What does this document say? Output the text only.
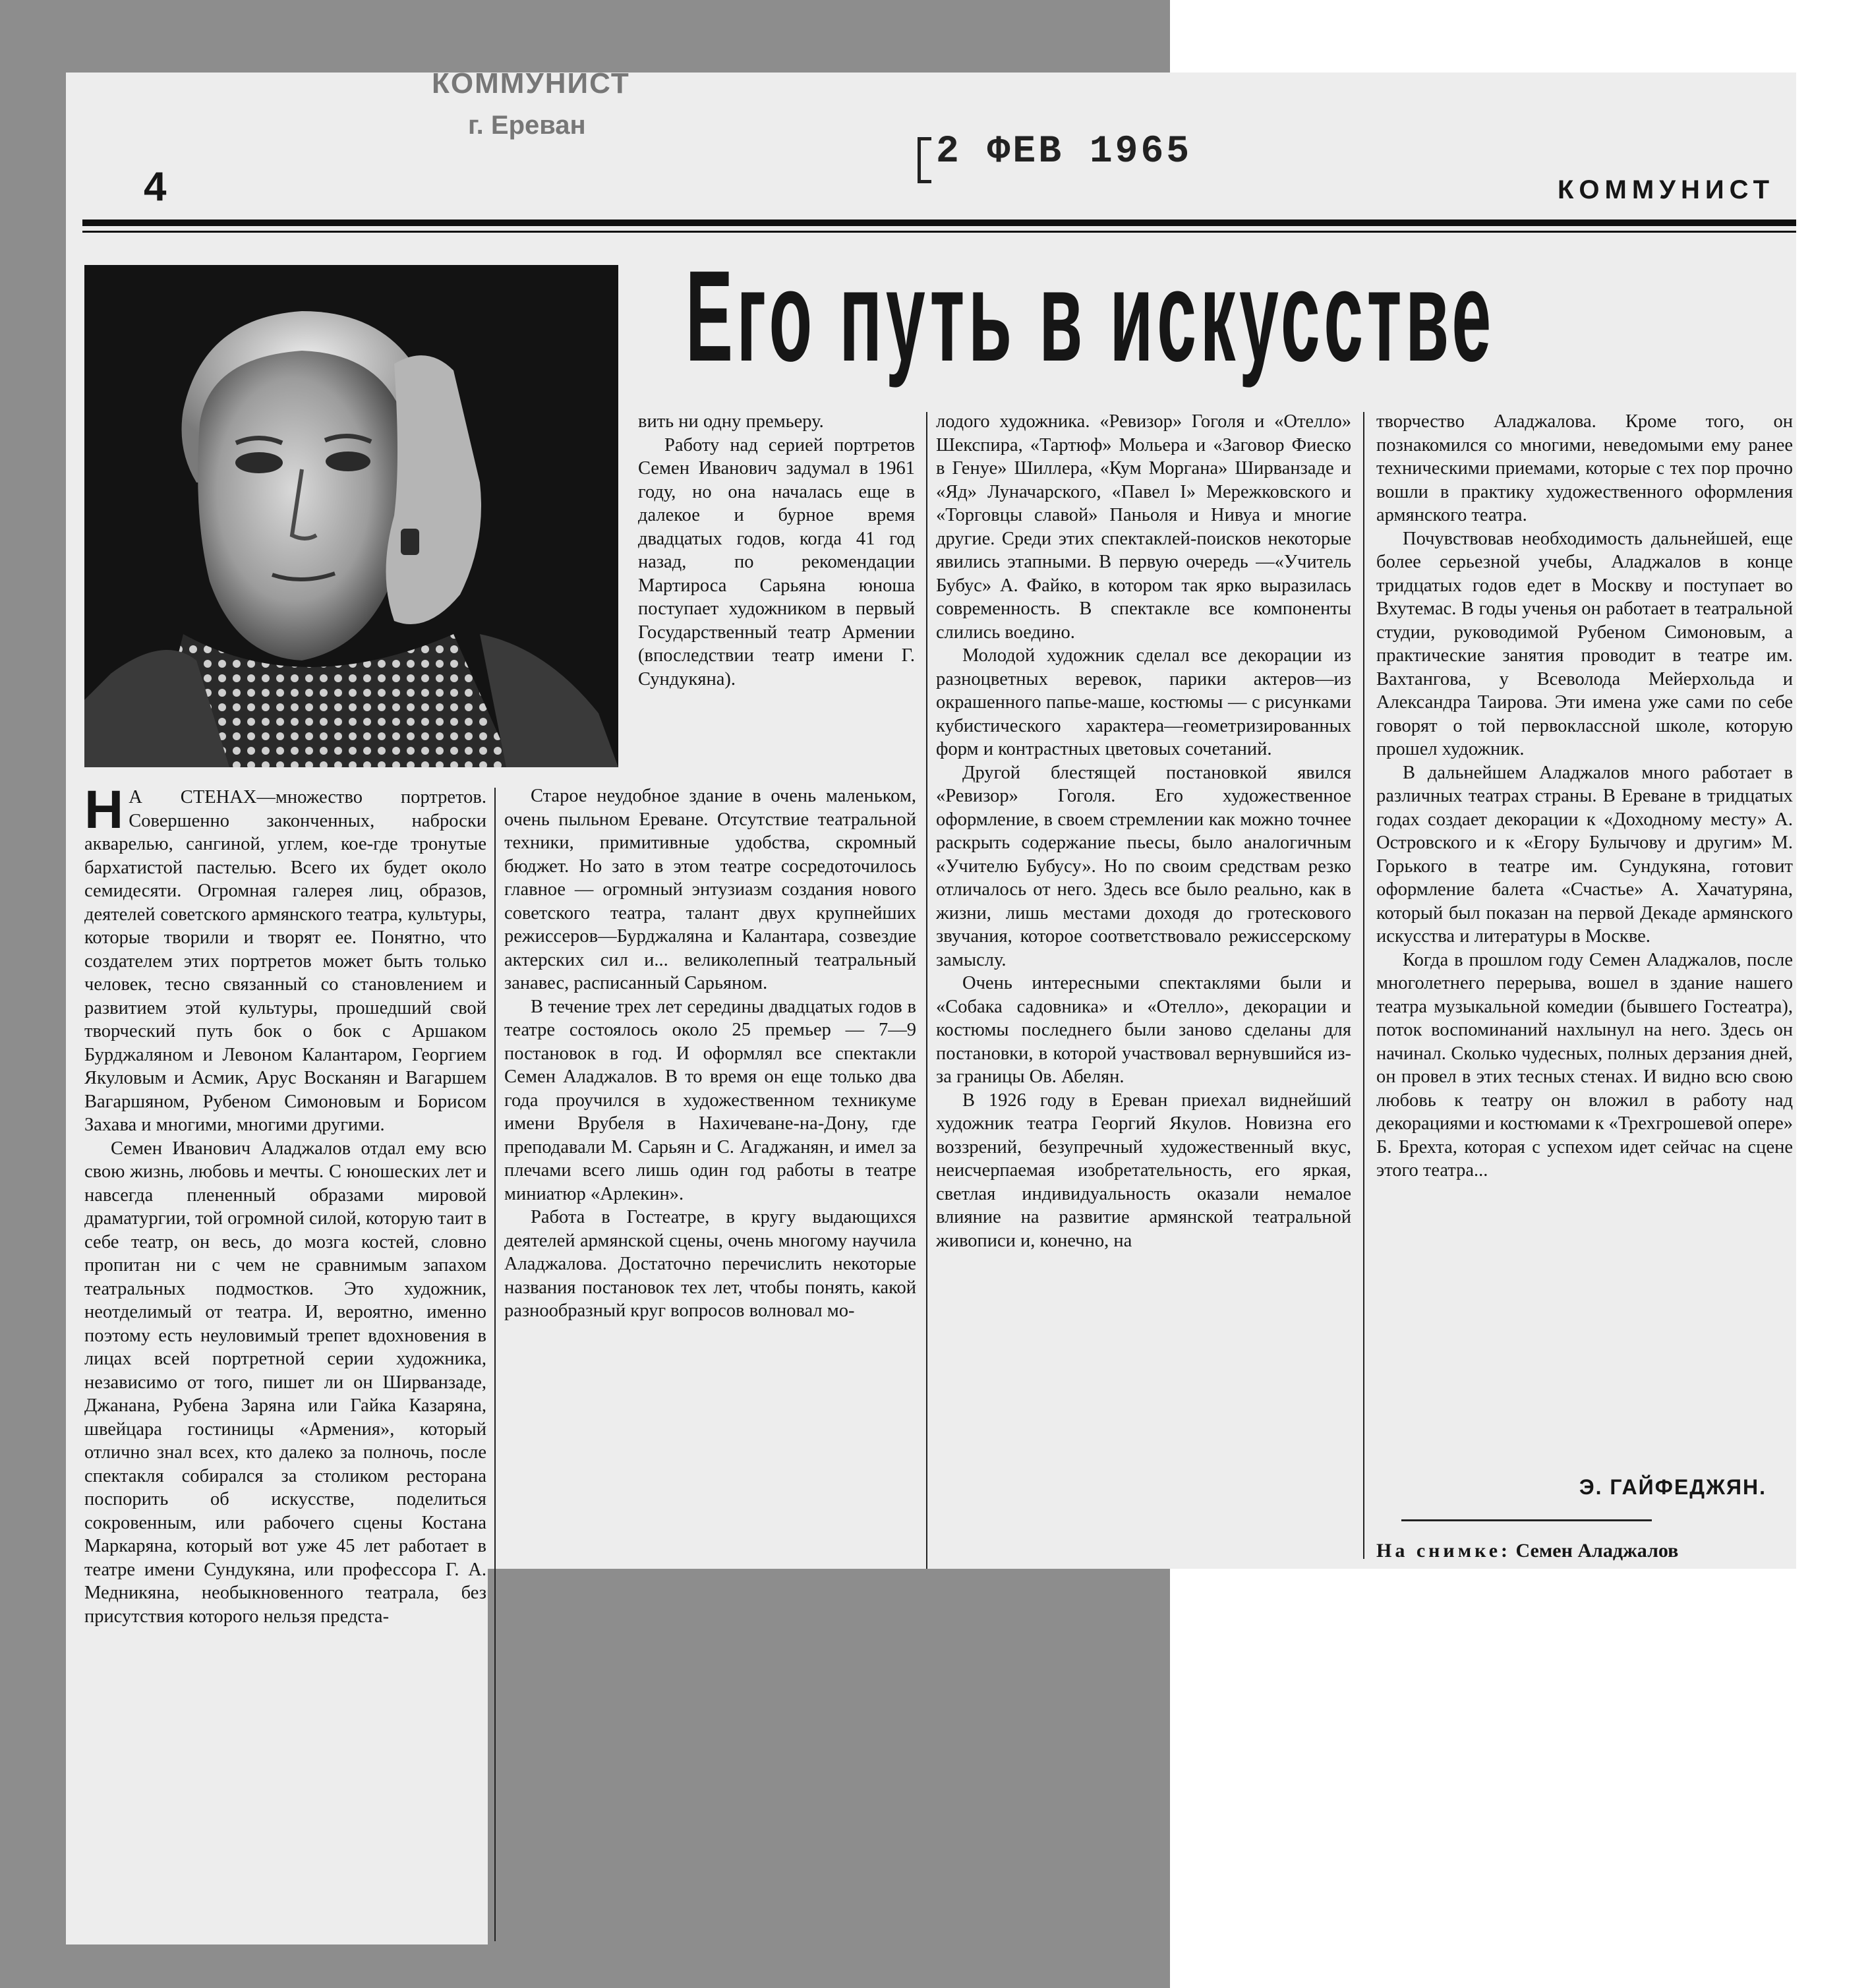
КОММУНИСТ
г. Ереван
2 ФЕВ 1965
4	КОММУНИСТ
Его путь в искусстве
Н А СТЕНАХ—множество портретов. Совершенно законченных, наброски акварелью, сангиной, углем, кое-где тронутые бархатистой пастелью. Всего их будет около семидесяти. Огромная галерея лиц, образов, деятелей советского армянского театра, культуры, которые творили и творят ее. Понятно, что создателем этих портретов может быть только человек, тесно связанный со становлением и развитием этой культуры, прошедший свой творческий путь бок о бок с Аршаком Бурджаляном и Левоном Калантаром, Георгием Якуловым и Асмик, Арус Восканян и Вагаршем Вагаршяном, Рубеном Симоновым и Борисом Захава и многими, многими другими.

Семен Иванович Аладжалов отдал ему всю свою жизнь, любовь и мечты. С юношеских лет и навсегда плененный образами мировой драматургии, той огромной силой, которую таит в себе театр, он весь, до мозга костей, словно пропитан ни с чем не сравнимым запахом театральных подмостков. Это художник, неотделимый от театра. И, вероятно, именно поэтому есть неуловимый трепет вдохновения в лицах всей портретной серии художника, независимо от того, пишет ли он Ширванзаде, Джанана, Рубена Заряна или Гайка Казаряна, швейцара гостиницы «Армения», который отлично знал всех, кто далеко за полночь, после спектакля собирался за столиком ресторана поспорить об искусстве, поделиться сокровенным, или рабочего сцены Костана Маркаряна, который вот уже 45 лет работает в театре имени Сундукяна, или профессора Г. А. Медникяна, необыкновенного театрала, без присутствия которого нельзя предста-

вить ни одну премьеру.

Работу над серией портретов Семен Иванович задумал в 1961 году, но она началась еще в далекое и бурное время двадцатых годов, когда 41 год назад, по рекомендации Мартироса Сарьяна юноша поступает художником в первый Государственный театр Армении (впоследствии театр имени Г. Сундукяна).

Старое неудобное здание в очень маленьком, очень пыльном Ереване. Отсутствие театральной техники, примитивные удобства, скромный бюджет. Но зато в этом театре сосредоточилось главное — огромный энтузиазм создания нового советского театра, талант двух крупнейших режиссеров—Бурджаляна и Калантара, созвездие актерских сил и... великолепный театральный занавес, расписанный Сарьяном.

В течение трех лет середины двадцатых годов в театре состоялось около 25 премьер — 7—9 постановок в год. И оформлял все спектакли Семен Аладжалов. В то время он еще только два года проучился в художественном техникуме имени Врубеля в Нахичеване-на-Дону, где преподавали М. Сарьян и С. Агаджанян, и имел за плечами всего лишь один год работы в театре миниатюр «Арлекин».

Работа в Гостеатре, в кругу выдающихся деятелей армянской сцены, очень многому научила Аладжалова. Достаточно перечислить некоторые названия постановок тех лет, чтобы понять, какой разнообразный круг вопросов волновал мо-

лодого художника. «Ревизор» Гоголя и «Отелло» Шекспира, «Тартюф» Мольера и «Заговор Фиеско в Генуе» Шиллера, «Кум Моргана» Ширванзаде и «Яд» Луначарского, «Павел I» Мережковского и «Торговцы славой» Паньоля и Нивуа и многие другие. Среди этих спектаклей-поисков некоторые явились этапными. В первую очередь —«Учитель Бубус» А. Файко, в котором так ярко выразилась современность. В спектакле все компоненты слились воедино.

Молодой художник сделал все декорации из разноцветных веревок, парики актеров—из окрашенного папье-маше, костюмы — с рисунками кубистического характера—геометризированных форм и контрастных цветовых сочетаний.

Другой блестящей постановкой явился «Ревизор» Гоголя. Его художественное оформление, в своем стремлении как можно точнее раскрыть содержание пьесы, было аналогичным «Учителю Бубусу». Но по своим средствам резко отличалось от него. Здесь все было реально, как в жизни, лишь местами доходя до гротескового звучания, которое соответствовало режиссерскому замыслу.

Очень интересными спектаклями были и «Собака садовника» и «Отелло», декорации и костюмы последнего были заново сделаны для постановки, в которой участвовал вернувшийся из-за границы Ов. Абелян.

В 1926 году в Ереван приехал виднейший художник театра Георгий Якулов. Новизна его воззрений, безупречный художественный вкус, неисчерпаемая изобретательность, его яркая, светлая индивидуальность оказали немалое влияние на развитие армянской театральной живописи и, конечно, на

творчество Аладжалова. Кроме того, он познакомился со многими, неведомыми ему ранее техническими приемами, которые с тех пор прочно вошли в практику художественного оформления армянского театра.

Почувствовав необходимость дальнейшей, еще более серьезной учебы, Аладжалов в конце тридцатых годов едет в Москву и поступает во Вхутемас. В годы ученья он работает в театральной студии, руководимой Рубеном Симоновым, а практические занятия проводит в театре им. Вахтангова, у Всеволода Мейерхольда и Александра Таирова. Эти имена уже сами по себе говорят о той первоклассной школе, которую прошел художник.

В дальнейшем Аладжалов много работает в различных театрах страны. В Ереване в тридцатых годах создает декорации к «Доходному месту» А. Островского и к «Егору Булычову и другим» М. Горького в театре им. Сундукяна, готовит оформление балета «Счастье» А. Хачатуряна, который был показан на первой Декаде армянского искусства и литературы в Москве.

Когда в прошлом году Семен Аладжалов, после многолетнего перерыва, вошел в здание нашего театра музыкальной комедии (бывшего Гостеатра), поток воспоминаний нахлынул на него. Здесь он начинал. Сколько чудесных, полных дерзания дней, он провел в этих тесных стенах. И видно всю свою любовь к театру он вложил в работу над декорациями и костюмами к «Трехгрошевой опере» Б. Брехта, которая с успехом идет сейчас на сцене этого театра...

Э. ГАЙФЕДЖЯН.
На снимке: Семен Аладжалов
